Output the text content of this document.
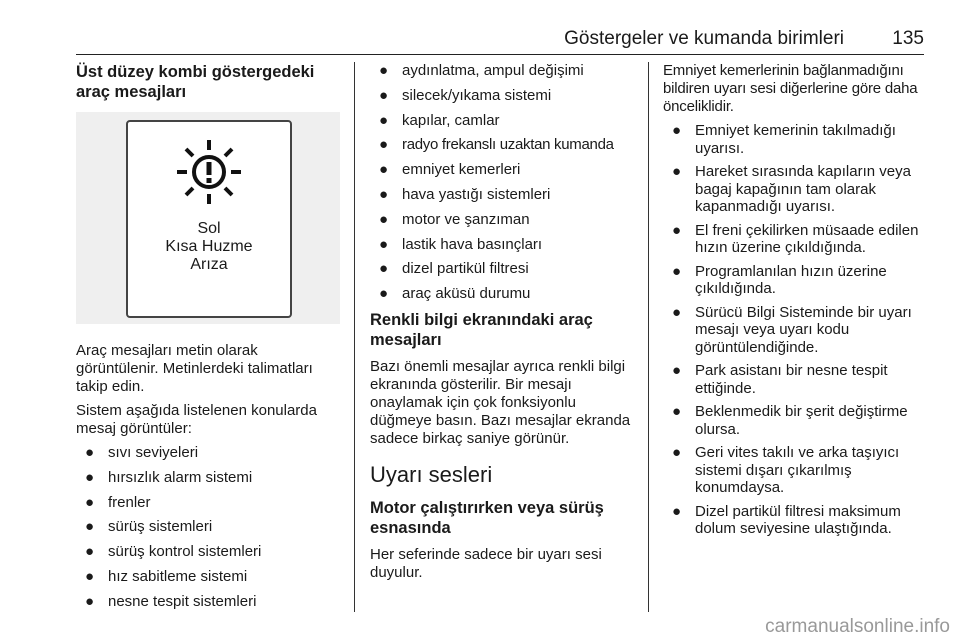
Göstergeler ve kumanda birimleri	135
Üst düzey kombi göstergedeki araç mesajları
Sol
Kısa Huzme
Arıza

Araç mesajları metin olarak görüntülenir. Metinlerdeki talimatları takip edin.

Sistem aşağıda listelenen konularda mesaj görüntüler:

● sıvı seviyeleri
● hırsızlık alarm sistemi
● frenler
● sürüş sistemleri
● sürüş kontrol sistemleri
● hız sabitleme sistemi
● nesne tespit sistemleri
● aydınlatma, ampul değişimi
● silecek/yıkama sistemi
● kapılar, camlar
● radyo frekanslı uzaktan kumanda
● emniyet kemerleri
● hava yastığı sistemleri
● motor ve şanzıman
● lastik hava basınçları
● dizel partikül filtresi
● araç aküsü durumu
Renkli bilgi ekranındaki araç mesajları

Bazı önemli mesajlar ayrıca renkli bilgi ekranında gösterilir. Bir mesajı onaylamak için çok fonksiyonlu düğmeye basın. Bazı mesajlar ekranda sadece birkaç saniye görünür.

Uyarı sesleri
Motor çalıştırırken veya sürüş esnasında

Her seferinde sadece bir uyarı sesi duyulur.

Emniyet kemerlerinin bağlanmadığını bildiren uyarı sesi diğerlerine göre daha önceliklidir.

● Emniyet kemerinin takılmadığı uyarısı.
● Hareket sırasında kapıların veya bagaj kapağının tam olarak kapanmadığı uyarısı.
● El freni çekilirken müsaade edilen hızın üzerine çıkıldığında.
● Programlanılan hızın üzerine çıkıldığında.
● Sürücü Bilgi Sisteminde bir uyarı mesajı veya uyarı kodu görüntülendiğinde.
● Park asistanı bir nesne tespit ettiğinde.
● Beklenmedik bir şerit değiştirme olursa.
● Geri vites takılı ve arka taşıyıcı sistemi dışarı çıkarılmış konumdaysa.
● Dizel partikül filtresi maksimum dolum seviyesine ulaştığında.
carmanualsonline.info
